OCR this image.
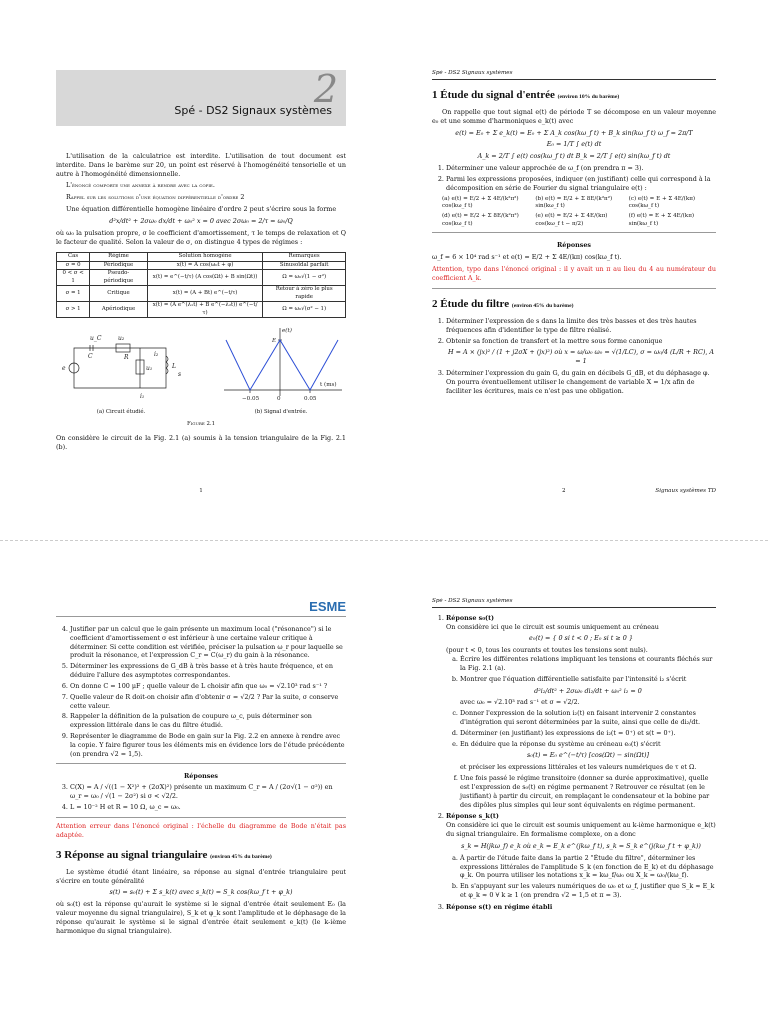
2
Spé - DS2 Signaux systèmes

L'utilisation de la calculatrice est interdite. L'utilisation de tout document est interdite. Dans le barème sur 20, un point est réservé à l'homogénéité tensorielle et un autre à l'homogénéité dimensionnelle.

L'énoncé comporte une annexe à rendre avec la copie.

Rappel sur les solutions d'une équation différentielle d'ordre 2

Une équation différentielle homogène linéaire d'ordre 2 peut s'écrire sous la forme

d²x/dt² + 2σω₀ dx/dt + ω₀² x = 0 avec 2σω₀ = 2/τ = ω₀/Q

où ω₀ la pulsation propre, σ le coefficient d'amortissement, τ le temps de relaxation et Q le facteur de qualité. Selon la valeur de σ, on distingue 4 types de régimes :

Cas	Régime	Solution homogène	Remarques
σ = 0	Périodique	x(t) = A cos(ω₀t + φ)	Sinusoïdal parfait
0 < σ < 1	Pseudo-périodique	x(t) = e^(−t/τ) (A cos(Ωt) + B sin(Ωt))	Ω = ω₀√(1 − σ²)
σ = 1	Critique	x(t) = (A + Bt) e^(−t/τ)	Retour à zéro le plus rapide
σ > 1	Apériodique	x(t) = (A e^(λ₁t) + B e^(−λ₂t)) e^(−t/τ)	Ω = ω₀√(σ² − 1)
e
C	R
u₁
u_C
i₁
i₂
L
s
u₂
(a) Circuit étudié.
e(t)
E
t (ms)
−0.05	0	0.05
(b) Signal d'entrée.
Figure 2.1

On considère le circuit de la Fig. 2.1 (a) soumis à la tension triangulaire de la Fig. 2.1 (b).

1
Spé - DS2 Signaux systèmes
1 Étude du signal d'entrée (environ 10% du barème)

On rappelle que tout signal e(t) de période T se décompose en un valeur moyenne e₀ et une somme d'harmoniques e_k(t) avec

e(t) = E₀ + Σ e_k(t) = E₀ + Σ A_k cos(kω_f t) + B_k sin(kω_f t) ω_f = 2π/T
E₀ = 1/T ∫ e(t) dt
A_k = 2/T ∫ e(t) cos(kω_f t) dt B_k = 2/T ∫ e(t) sin(kω_f t) dt
1. Déterminer une valeur approchée de ω_f (on prendra π = 3).
2. Parmi les expressions proposées, indiquer (en justifiant) celle qui correspond à la décomposition en série de Fourier du signal triangulaire e(t) :
(a) e(t) = E/2 + Σ 4E/(k²π²) cos(kω_f t)
(b) e(t) = E/2 + Σ 8E/(k²π²) sin(kω_f t)
(c) e(t) = E + Σ 4E/(kπ) cos(kω_f t)
(d) e(t) = E/2 + Σ 8E/(k²π²) cos(kω_f t)
(e) e(t) = E/2 + Σ 4E/(kπ) cos(kω_f t − π/2)
(f) e(t) = E + Σ 4E/(kπ) sin(kω_f t)
Réponses

ω_f = 6 × 10⁴ rad s⁻¹ et e(t) = E/2 + Σ 4E/(kπ) cos(kω_f t).

Attention, typo dans l'énoncé original : il y avait un π au lieu du 4 au numérateur du coefficient A_k.

2 Étude du filtre (environ 45% du barème)
1. Déterminer l'expression de s dans la limite des très basses et des très hautes fréquences afin d'identifier le type de filtre réalisé.
2. Obtenir sa fonction de transfert et la mettre sous forme canonique
H = A × (jx)² / (1 + j2σX + (jx)²) où x = ω/ω₀ ω₀ = √(1/LC), σ = ω₀/4 (L/R + RC), A = 1
3. Déterminer l'expression du gain G, du gain en décibels G_dB, et du déphasage φ. On pourra éventuellement utiliser le changement de variable X = 1/x afin de faciliter les écritures, mais ce n'est pas une obligation.
2	Signaux systèmes TD
ESME
4. Justifier par un calcul que le gain présente un maximum local ("résonance") si le coefficient d'amortissement σ est inférieur à une certaine valeur critique à déterminer. Si cette condition est vérifiée, préciser la pulsation ω_r pour laquelle se produit la résonance, et l'expression C_r = C(ω_r) du gain à la résonance.
5. Déterminer les expressions de G_dB à très basse et à très haute fréquence, et en déduire l'allure des asymptotes correspondantes.
6. On donne C = 100 μF ; quelle valeur de L choisir afin que ω₀ = √2.10³ rad s⁻¹ ?
7. Quelle valeur de R doit-on choisir afin d'obtenir σ = √2/2 ? Par la suite, σ conserve cette valeur.
8. Rappeler la définition de la pulsation de coupure ω_c, puis déterminer son expression littérale dans le cas du filtre étudié.
9. Représenter le diagramme de Bode en gain sur la Fig. 2.2 en annexe à rendre avec la copie. Y faire figurer tous les éléments mis en évidence lors de l'étude précédente (on prendra √2 = 1,5).
Réponses
3. C(X) = A / √((1 − X²)² + (2σX)²) présente un maximum C_r = A / (2σ√(1 − σ²)) en ω_r = ω₀ / √(1 − 2σ²) si σ < √2/2.
4. L = 10⁻² H et R = 10 Ω, ω_c = ω₀.

Attention erreur dans l'énoncé original : l'échelle du diagramme de Bode n'était pas adaptée.

3 Réponse au signal triangulaire (environ 45% du barème)

Le système étudié étant linéaire, sa réponse au signal d'entrée triangulaire peut s'écrire en toute généralité

s(t) = s₀(t) + Σ s_k(t) avec s_k(t) = S_k cos(kω_f t + φ_k)

où s₀(t) est la réponse qu'aurait le système si le signal d'entrée était seulement E₀ (la valeur moyenne du signal triangulaire), S_k et φ_k sont l'amplitude et le déphasage de la réponse qu'aurait le système si le signal d'entrée était seulement e_k(t) (le k-ième harmonique du signal triangulaire).

Spé - DS2 Signaux systèmes
1. Réponse s₀(t)
On considère ici que le circuit est soumis uniquement au créneau
e₀(t) = { 0 si t < 0 ; E₀ si t ≥ 0 }
(pour t < 0, tous les courants et toutes les tensions sont nuls).
a. Écrire les différentes relations impliquant les tensions et courants fléchés sur la Fig. 2.1 (a).
b. Montrer que l'équation différentielle satisfaite par l'intensité i₂ s'écrit
d²i₂/dt² + 2σω₀ di₂/dt + ω₀² i₂ = 0
avec ω₀ = √2.10³ rad s⁻¹ et σ = √2/2.
c. Donner l'expression de la solution i₂(t) en faisant intervenir 2 constantes d'intégration qui seront déterminées par la suite, ainsi que celle de di₂/dt.
d. Déterminer (en justifiant) les expressions de i₂(t = 0⁺) et s(t = 0⁺).
e. En déduire que la réponse du système au créneau e₀(t) s'écrit
s₀(t) = E₀ e^(−t/τ) [cos(Ωt) − sin(Ωt)]
et préciser les expressions littérales et les valeurs numériques de τ et Ω.
f. Une fois passé le régime transitoire (donner sa durée approximative), quelle est l'expression de s₀(t) en régime permanent ? Retrouver ce résultat (en le justifiant) à partir du circuit, en remplaçant le condensateur et la bobine par des dipôles plus simples qui leur sont équivalents en régime permanent.
2. Réponse s_k(t)
On considère ici que le circuit est soumis uniquement au k-ième harmonique e_k(t) du signal triangulaire. En formalisme complexe, on a donc
s_k = H(jkω_f) e_k où e_k = E_k e^(jkω_f t), s_k = S_k e^(j(kω_f t + φ_k))
a. À partir de l'étude faite dans la partie 2 "Étude du filtre", déterminer les expressions littérales de l'amplitude S_k (en fonction de E_k) et du déphasage φ_k. On pourra utiliser les notations x_k = kω_f/ω₀ ou X_k = ω₀/(kω_f).
b. En s'appuyant sur les valeurs numériques de ω₀ et ω_f, justifier que S_k ≈ E_k et φ_k ≈ 0 ∀ k ≥ 1 (on prendra √2 = 1,5 et π = 3).
3. Réponse s(t) en régime établi
